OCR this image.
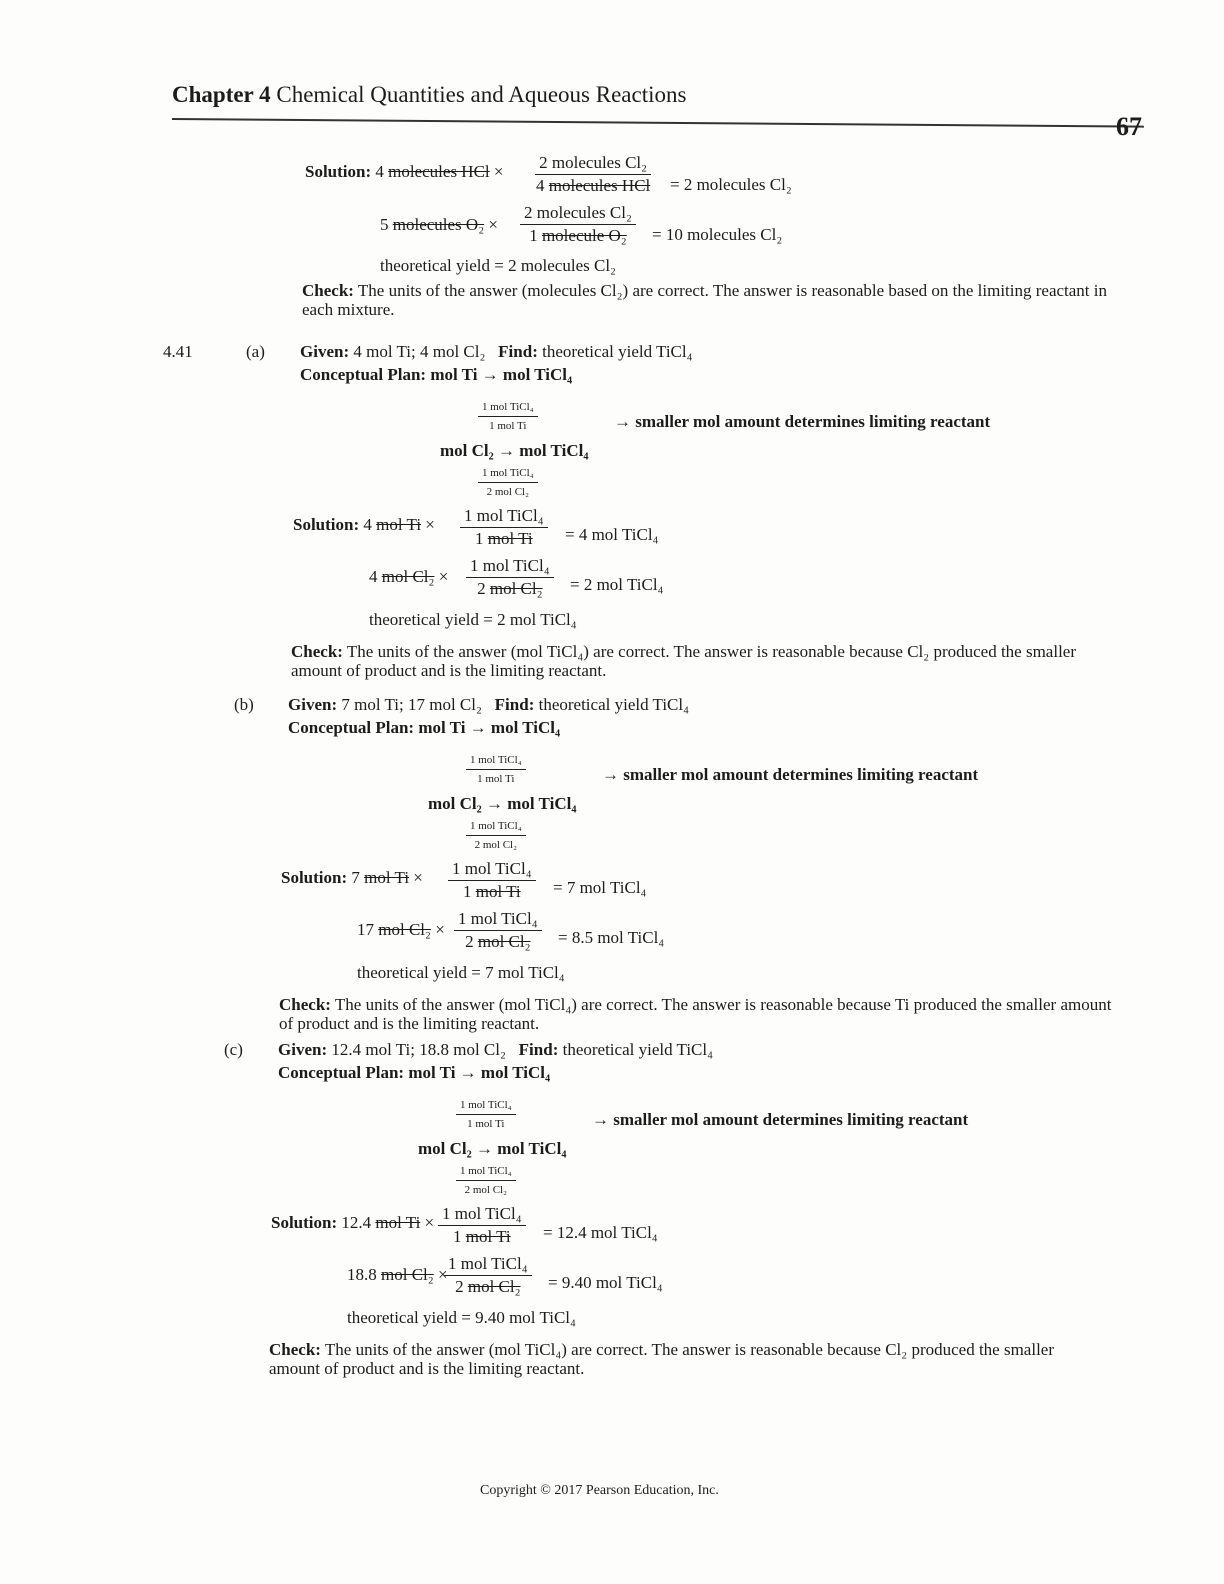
Chapter 4 Chemical Quantities and Aqueous Reactions
67
Solution: 4 molecules HCl × 2 molecules Cl₂
4 molecules HCl = 2 molecules Cl₂
5 molecules O₂ ×
2 molecules Cl₂
1 molecule O₂ = 10 molecules Cl₂
theoretical yield = 2 molecules Cl₂
Check: The units of the answer (molecules Cl₂) are correct. The answer is reasonable based on the limiting reactant in each mixture.
4.41	(a) Given: 4 mol Ti; 4 mol Cl₂ Find: theoretical yield TiCl₄
Conceptual Plan: mol Ti → mol TiCl₄
1 mol TiCl₄
1 mol Ti	→ smaller mol amount determines limiting reactant
mol Cl₂ → mol TiCl₄
1 mol TiCl₄
2 mol Cl₂
Solution: 4 mol Ti × 1 mol TiCl₄
1 mol Ti = 4 mol TiCl₄
4 mol Cl₂ ×
1 mol TiCl₄
2 mol Cl₂ = 2 mol TiCl₄
theoretical yield = 2 mol TiCl₄
Check: The units of the answer (mol TiCl₄) are correct. The answer is reasonable because Cl₂ produced the smaller amount of product and is the limiting reactant.
(b) Given: 7 mol Ti; 17 mol Cl₂ Find: theoretical yield TiCl₄
Conceptual Plan: mol Ti → mol TiCl₄
1 mol TiCl₄
1 mol Ti	→ smaller mol amount determines limiting reactant
mol Cl₂ → mol TiCl₄
1 mol TiCl₄
2 mol Cl₂
Solution: 7 mol Ti × 1 mol TiCl₄
1 mol Ti = 7 mol TiCl₄
17 mol Cl₂ ×
1 mol TiCl₄
2 mol Cl₂ = 8.5 mol TiCl₄
theoretical yield = 7 mol TiCl₄
Check: The units of the answer (mol TiCl₄) are correct. The answer is reasonable because Ti produced the smaller amount of product and is the limiting reactant.
(c) Given: 12.4 mol Ti; 18.8 mol Cl₂ Find: theoretical yield TiCl₄
Conceptual Plan: mol Ti → mol TiCl₄
1 mol TiCl₄
1 mol Ti	→ smaller mol amount determines limiting reactant
mol Cl₂ → mol TiCl₄
1 mol TiCl₄
2 mol Cl₂
Solution: 12.4 mol Ti × 1 mol TiCl₄
1 mol Ti = 12.4 mol TiCl₄
18.8 mol Cl₂ ×
1 mol TiCl₄
2 mol Cl₂ = 9.40 mol TiCl₄
theoretical yield = 9.40 mol TiCl₄
Check: The units of the answer (mol TiCl₄) are correct. The answer is reasonable because Cl₂ produced the smaller amount of product and is the limiting reactant.
Copyright © 2017 Pearson Education, Inc.
